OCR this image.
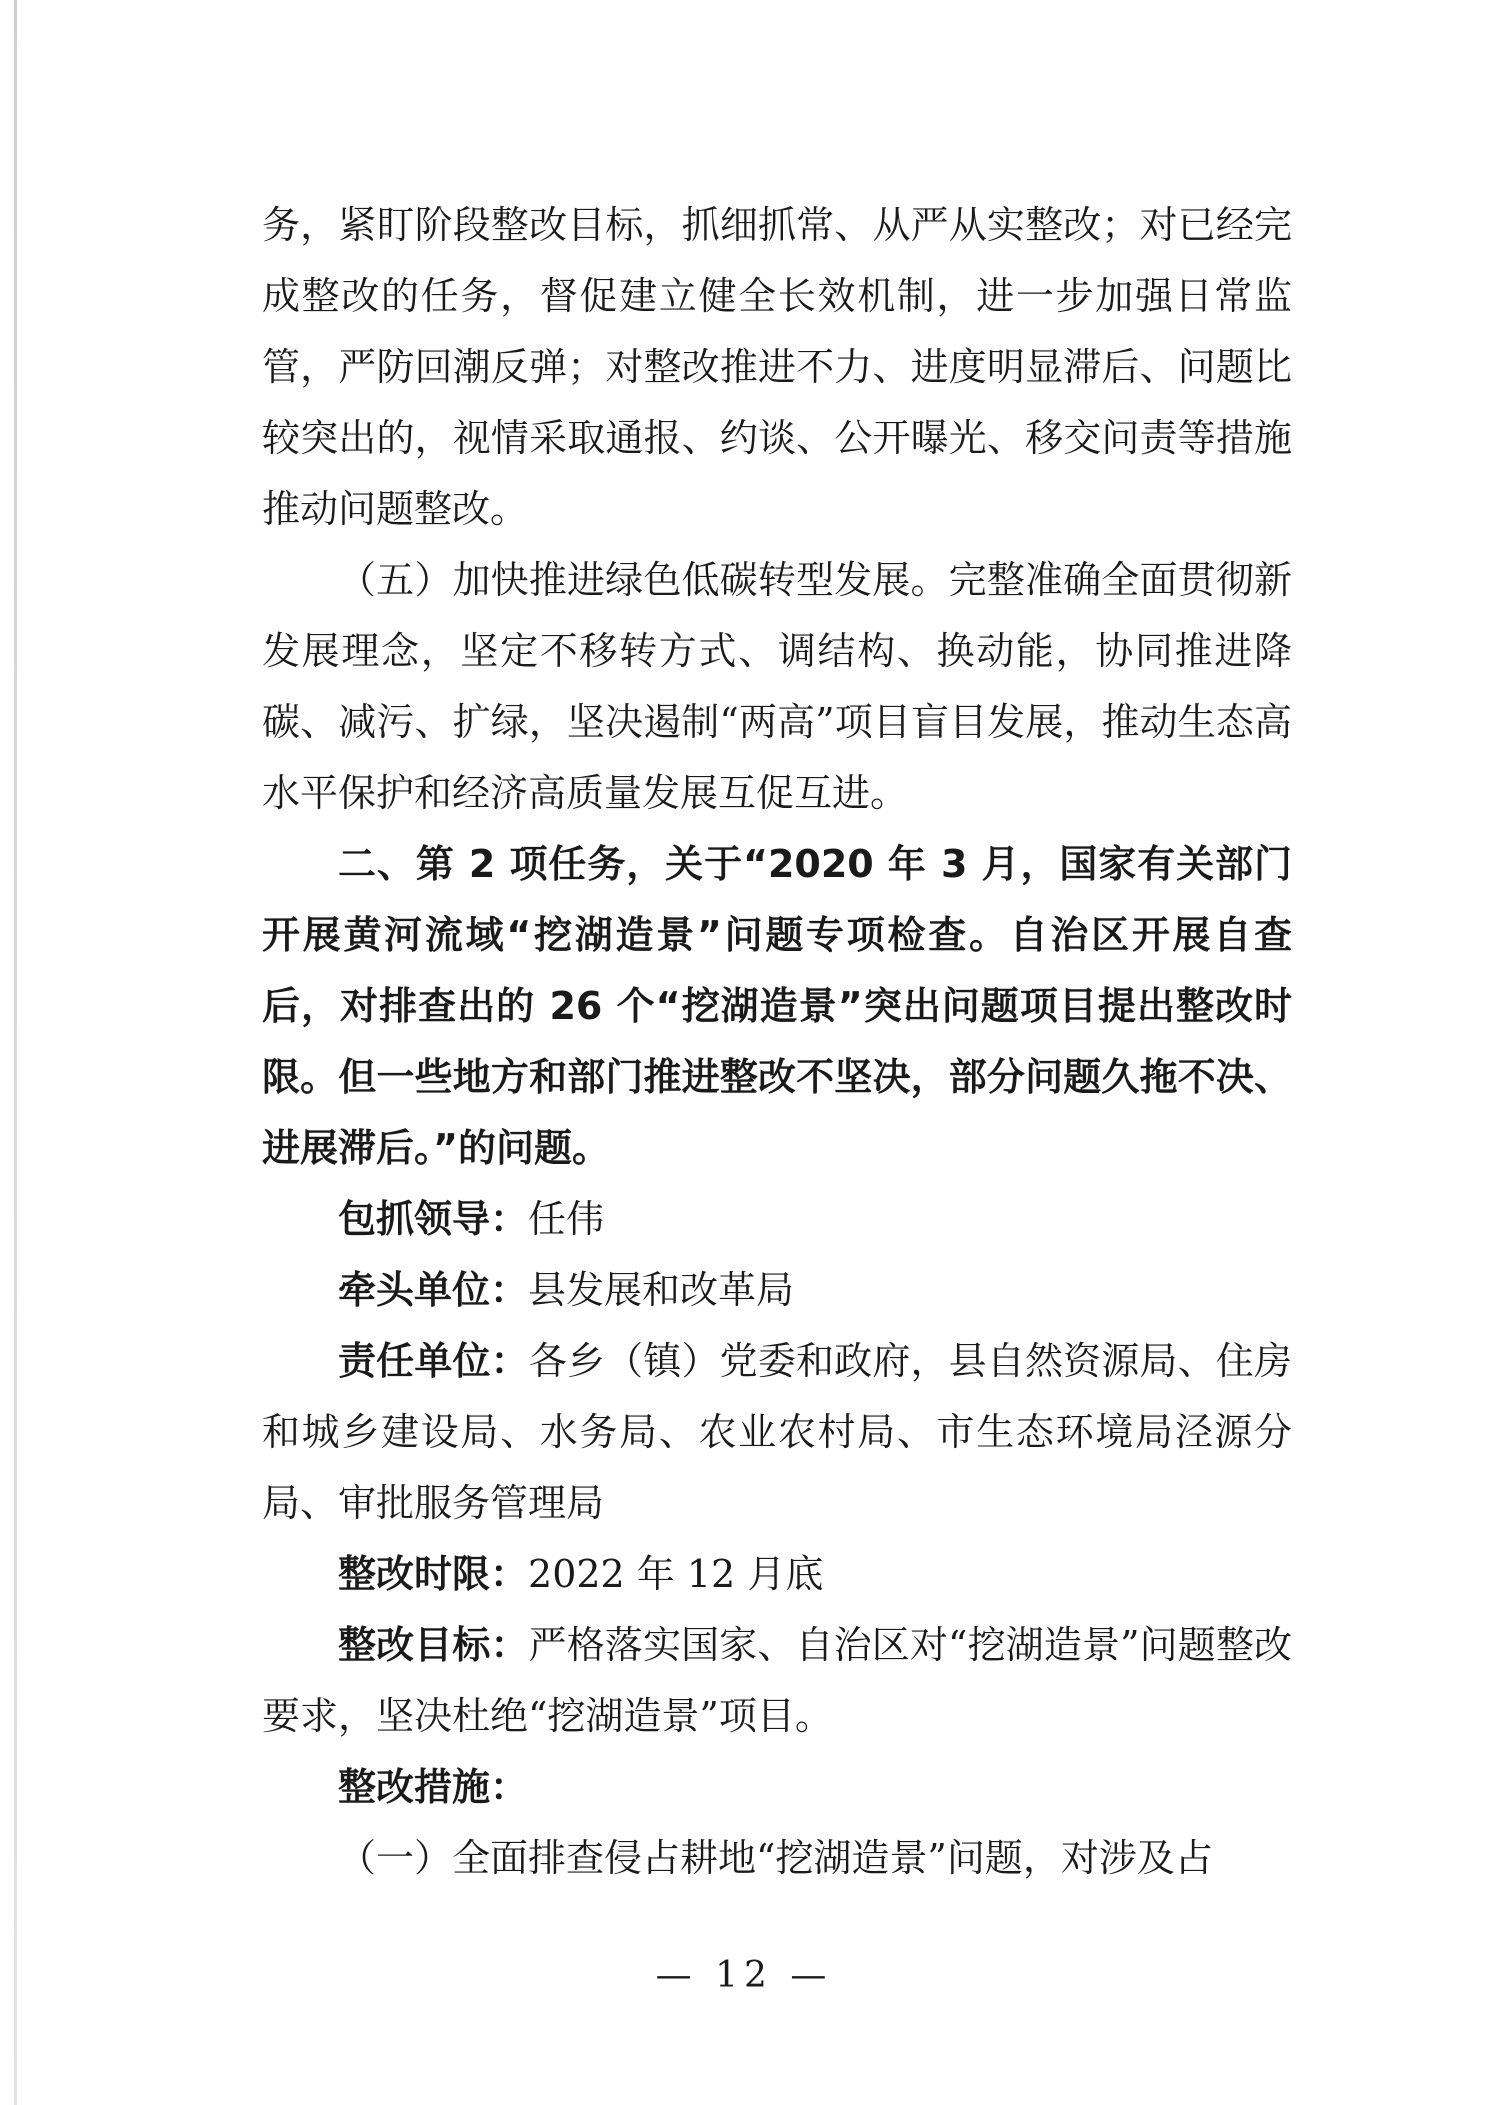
务，紧盯阶段整改目标，抓细抓常、从严从实整改；对已经完成整改的任务，督促建立健全长效机制，进一步加强日常监管，严防回潮反弹；对整改推进不力、进度明显滞后、问题比较突出的，视情采取通报、约谈、公开曝光、移交问责等措施推动问题整改。

（五）加快推进绿色低碳转型发展。完整准确全面贯彻新发展理念，坚定不移转方式、调结构、换动能，协同推进降碳、减污、扩绿，坚决遏制“两高”项目盲目发展，推动生态高水平保护和经济高质量发展互促互进。

二、第 2 项任务，关于“2020 年 3 月，国家有关部门开展黄河流域“挖湖造景”问题专项检查。自治区开展自查后，对排查出的 26 个“挖湖造景”突出问题项目提出整改时限。但一些地方和部门推进整改不坚决，部分问题久拖不决、进展滞后。”的问题。

包抓领导：任伟

牵头单位：县发展和改革局

责任单位：各乡（镇）党委和政府，县自然资源局、住房和城乡建设局、水务局、农业农村局、市生态环境局泾源分局、审批服务管理局

整改时限：2022 年 12 月底

整改目标：严格落实国家、自治区对“挖湖造景”问题整改要求，坚决杜绝“挖湖造景”项目。

整改措施：

（一）全面排查侵占耕地“挖湖造景”问题，对涉及占

— 12 —
